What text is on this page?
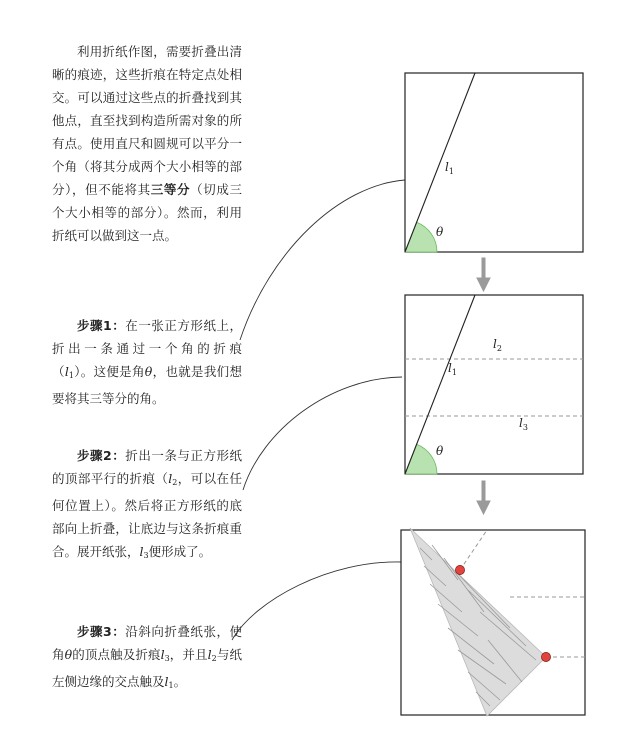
利用折纸作图，需要折叠出清晰的痕迹，这些折痕在特定点处相交。可以通过这些点的折叠找到其他点，直至找到构造所需对象的所有点。使用直尺和圆规可以平分一个角（将其分成两个大小相等的部分），但不能将其三等分（切成三个大小相等的部分）。然而，利用折纸可以做到这一点。

步骤1：在一张正方形纸上，折出一条通过一个角的折痕$(l_1)$。这便是角θ，也就是我们想要将其三等分的角。

步骤2：折出一条与正方形纸的顶部平行的折痕（$l_2$，可以在任何位置上）。然后将正方形纸的底部向上折叠，让底边与这条折痕重合。展开纸张，$l_3$便形成了。

步骤3：沿斜向折叠纸张，使角θ的顶点触及折痕$l_3$，并且$l_2$与纸左侧边缘的交点触及$l_1$。

$l_1$
θ
$l_1$
$l_2$
$l_3$
θ
